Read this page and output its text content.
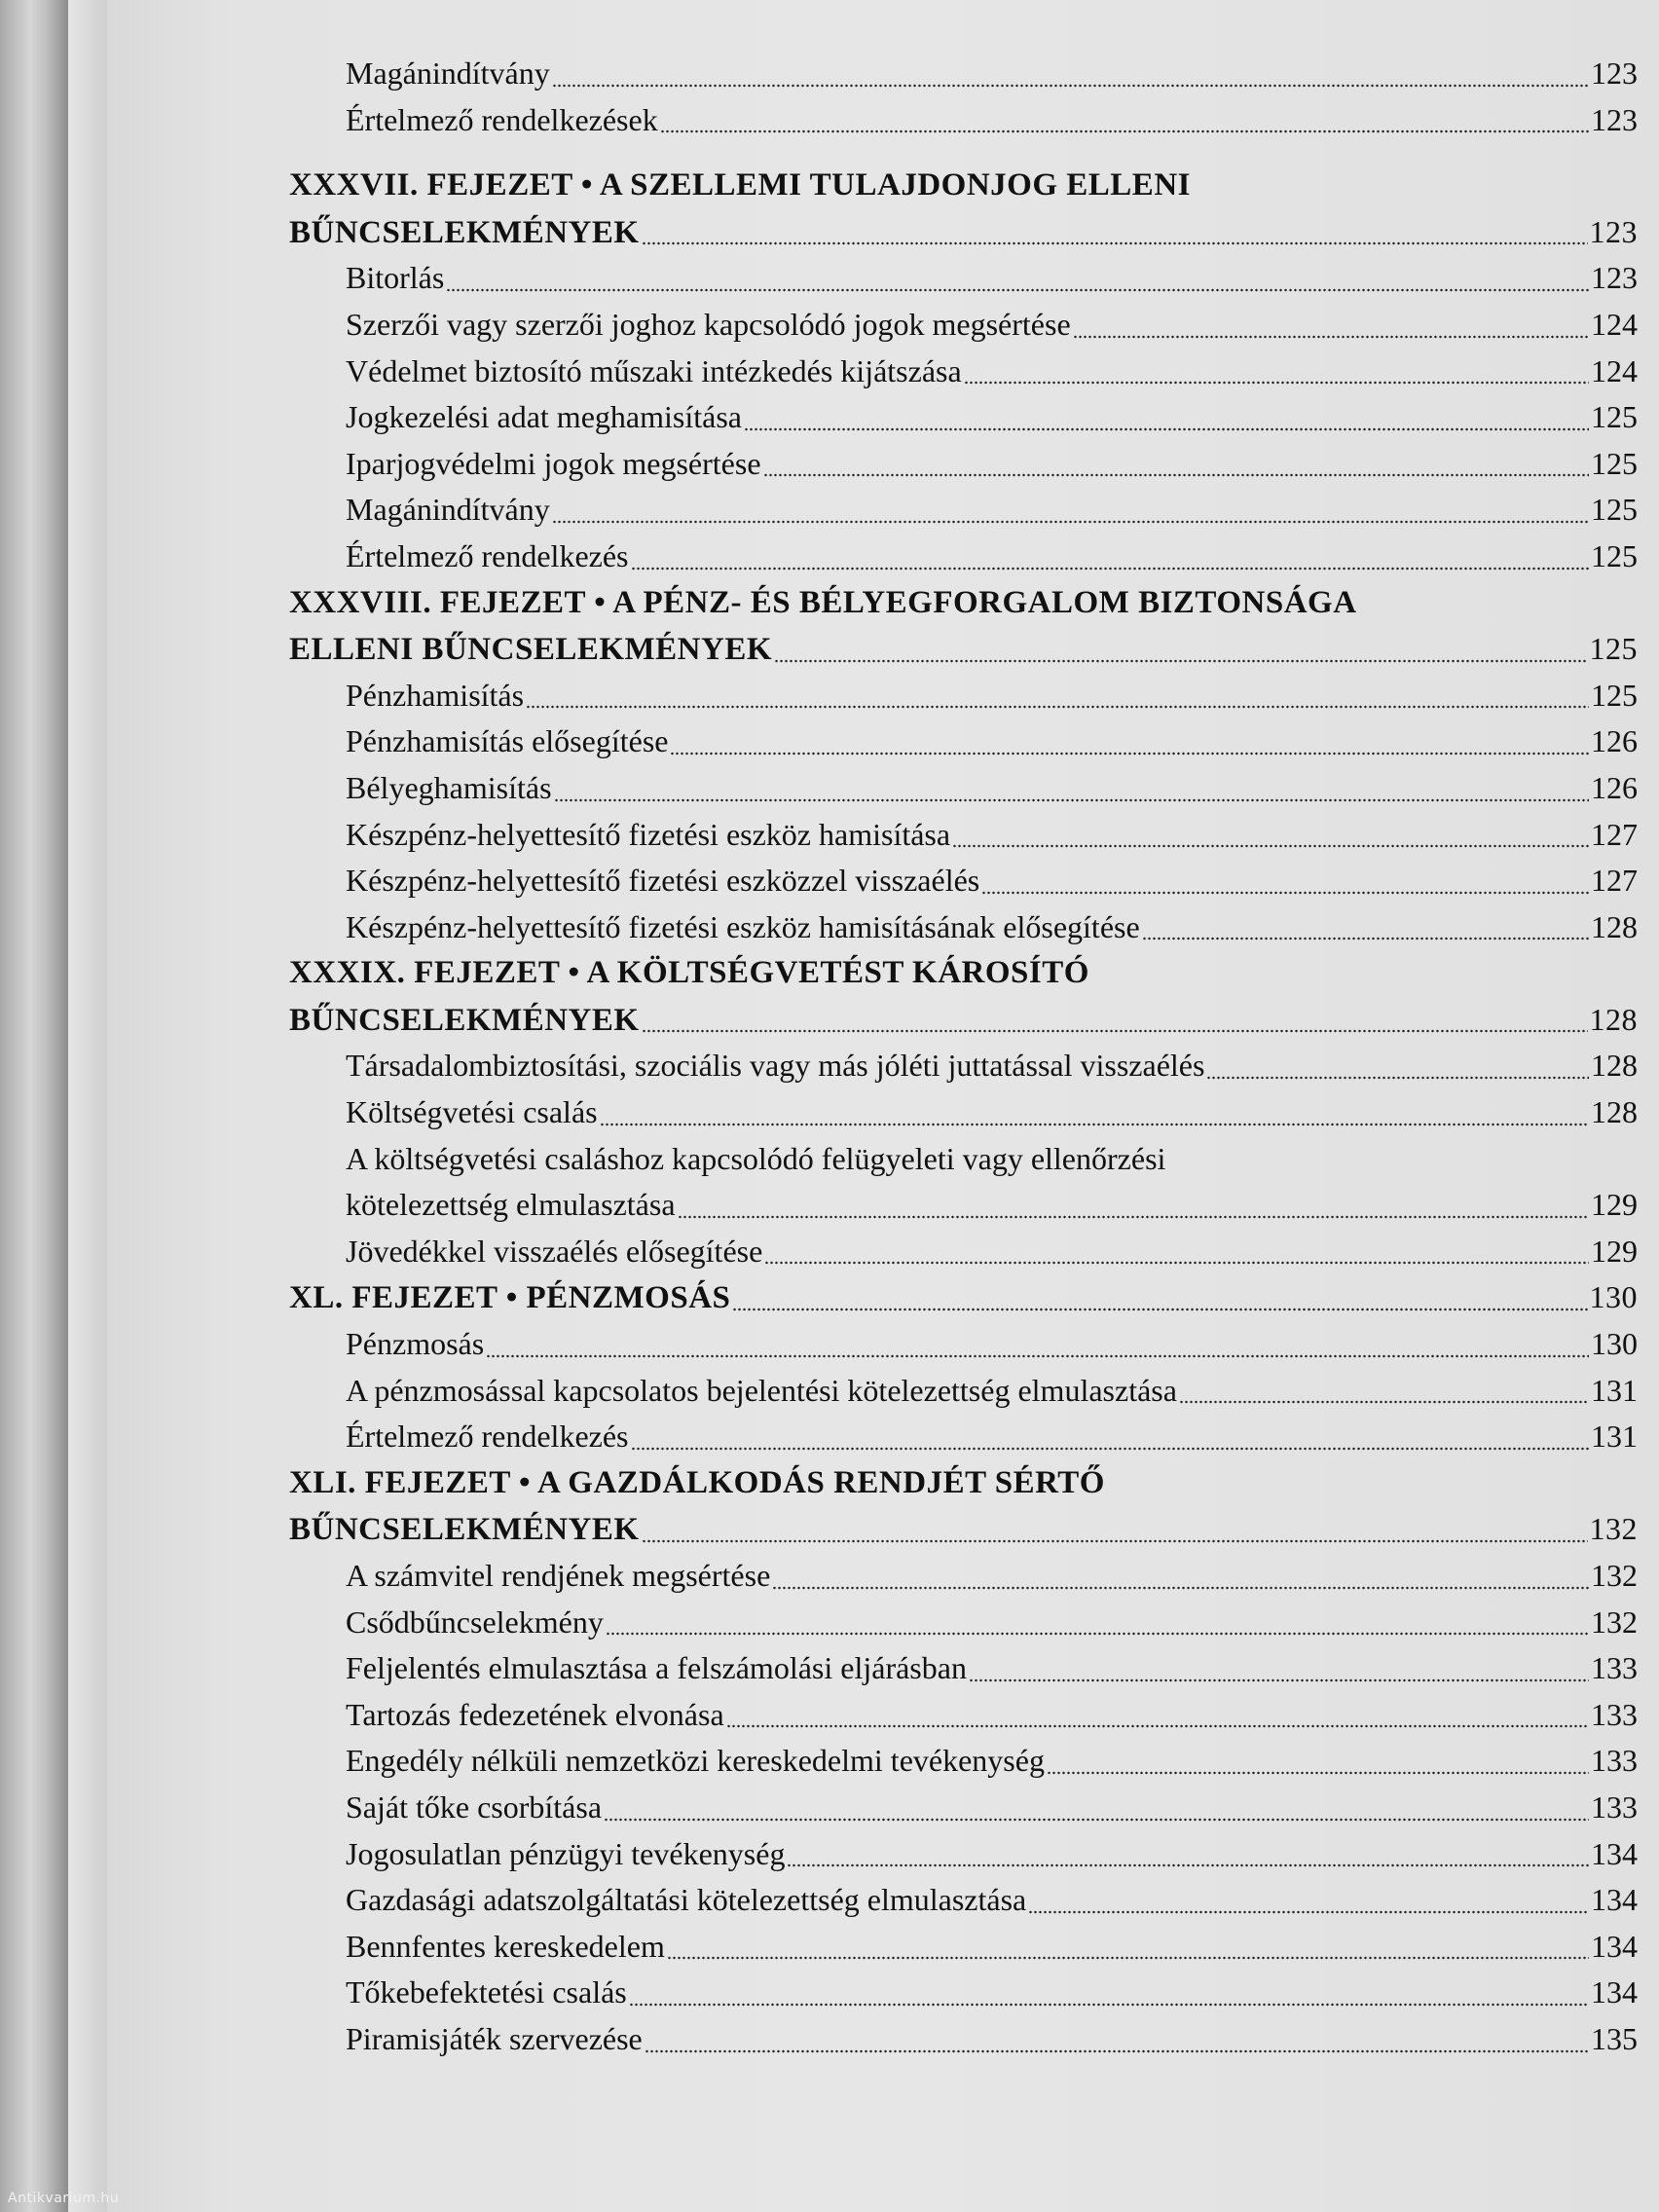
Magánindítvány	123
Értelmező rendelkezések	123
XXXVII. FEJEZET • A SZELLEMI TULAJDONJOG ELLENI
BŰNCSELEKMÉNYEK	123
Bitorlás	123
Szerzői vagy szerzői joghoz kapcsolódó jogok megsértése	124
Védelmet biztosító műszaki intézkedés kijátszása	124
Jogkezelési adat meghamisítása	125
Iparjogvédelmi jogok megsértése	125
Magánindítvány	125
Értelmező rendelkezés	125
XXXVIII. FEJEZET • A PÉNZ- ÉS BÉLYEGFORGALOM BIZTONSÁGA
ELLENI BŰNCSELEKMÉNYEK	125
Pénzhamisítás	125
Pénzhamisítás elősegítése	126
Bélyeghamisítás	126
Készpénz-helyettesítő fizetési eszköz hamisítása	127
Készpénz-helyettesítő fizetési eszközzel visszaélés	127
Készpénz-helyettesítő fizetési eszköz hamisításának elősegítése	128
XXXIX. FEJEZET • A KÖLTSÉGVETÉST KÁROSÍTÓ
BŰNCSELEKMÉNYEK	128
Társadalombiztosítási, szociális vagy más jóléti juttatással visszaélés	128
Költségvetési csalás	128
A költségvetési csaláshoz kapcsolódó felügyeleti vagy ellenőrzési
kötelezettség elmulasztása	129
Jövedékkel visszaélés elősegítése	129
XL. FEJEZET • PÉNZMOSÁS	130
Pénzmosás	130
A pénzmosással kapcsolatos bejelentési kötelezettség elmulasztása	131
Értelmező rendelkezés	131
XLI. FEJEZET • A GAZDÁLKODÁS RENDJÉT SÉRTŐ
BŰNCSELEKMÉNYEK	132
A számvitel rendjének megsértése	132
Csődbűncselekmény	132
Feljelentés elmulasztása a felszámolási eljárásban	133
Tartozás fedezetének elvonása	133
Engedély nélküli nemzetközi kereskedelmi tevékenység	133
Saját tőke csorbítása	133
Jogosulatlan pénzügyi tevékenység	134
Gazdasági adatszolgáltatási kötelezettség elmulasztása	134
Bennfentes kereskedelem	134
Tőkebefektetési csalás	134
Piramisjáték szervezése	135
Antikvarium.hu
